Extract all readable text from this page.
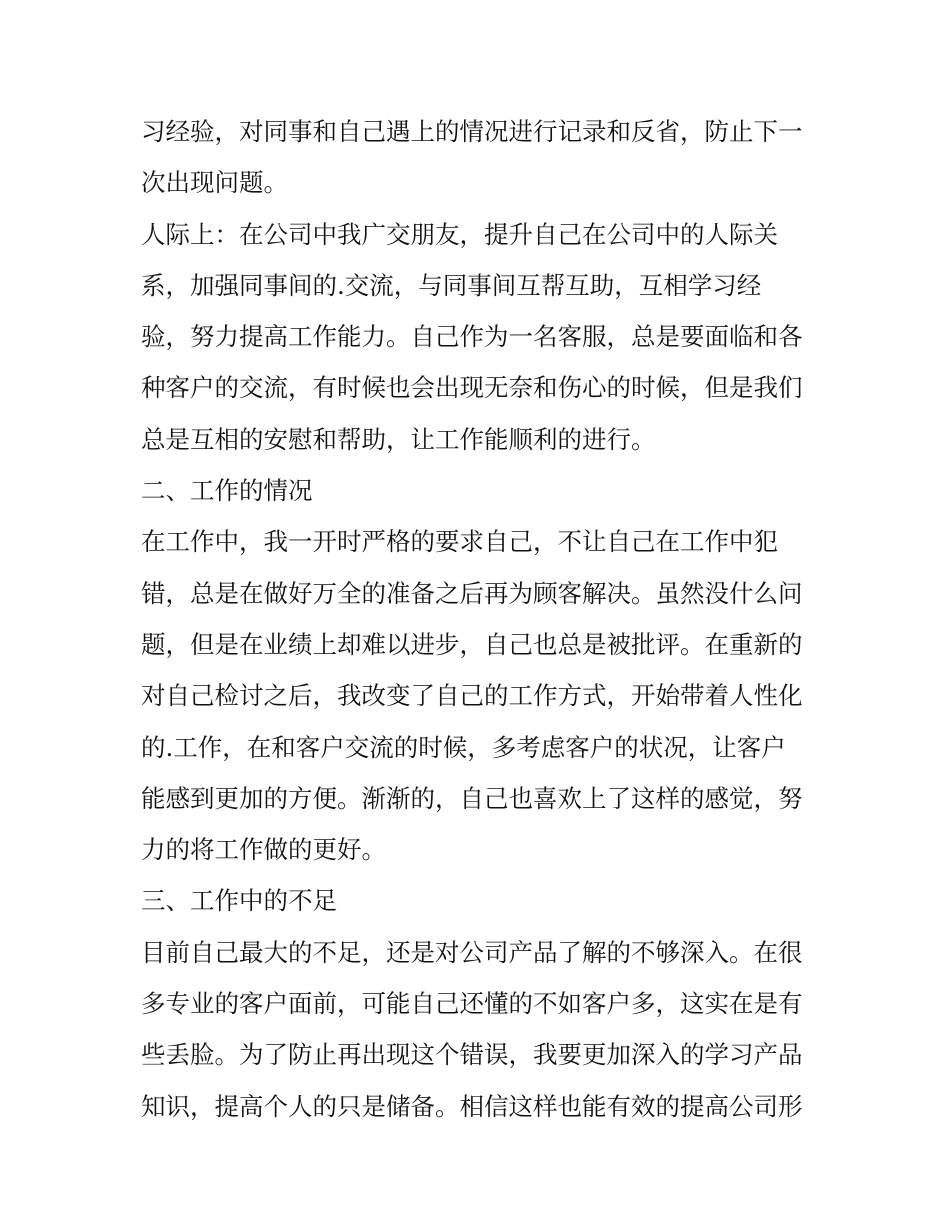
习经验，对同事和自己遇上的情况进行记录和反省，防止下一
次出现问题。
人际上：在公司中我广交朋友，提升自己在公司中的人际关
系，加强同事间的.交流，与同事间互帮互助，互相学习经
验，努力提高工作能力。自己作为一名客服，总是要面临和各
种客户的交流，有时候也会出现无奈和伤心的时候，但是我们
总是互相的安慰和帮助，让工作能顺利的进行。
二、工作的情况
在工作中，我一开时严格的要求自己，不让自己在工作中犯
错，总是在做好万全的准备之后再为顾客解决。虽然没什么问
题，但是在业绩上却难以进步，自己也总是被批评。在重新的
对自己检讨之后，我改变了自己的工作方式，开始带着人性化
的.工作，在和客户交流的时候，多考虑客户的状况，让客户
能感到更加的方便。渐渐的，自己也喜欢上了这样的感觉，努
力的将工作做的更好。
三、工作中的不足
目前自己最大的不足，还是对公司产品了解的不够深入。在很
多专业的客户面前，可能自己还懂的不如客户多，这实在是有
些丢脸。为了防止再出现这个错误，我要更加深入的学习产品
知识，提高个人的只是储备。相信这样也能有效的提高公司形
